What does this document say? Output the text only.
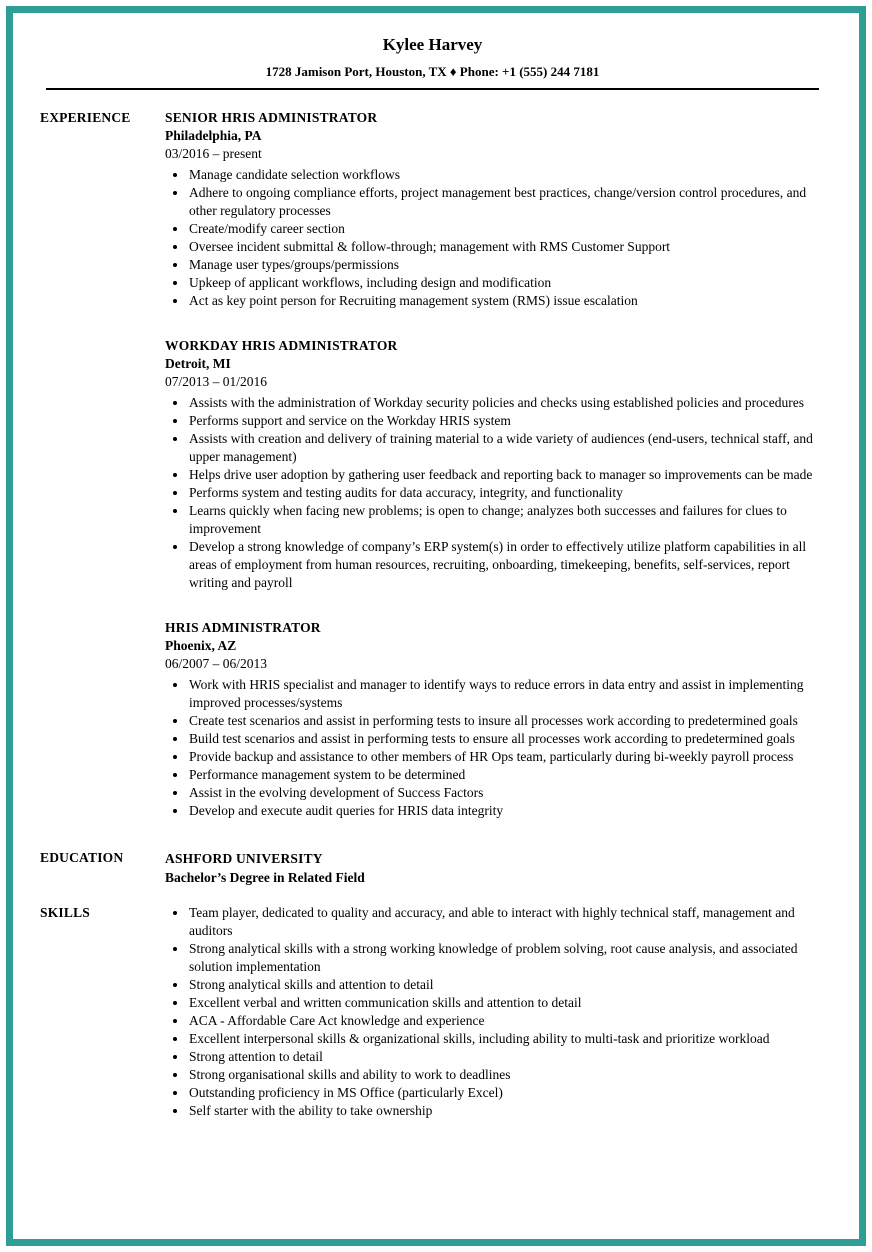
Kylee Harvey
1728 Jamison Port, Houston, TX ♦ Phone: +1 (555) 244 7181
EXPERIENCE	SENIOR HRIS ADMINISTRATOR
Philadelphia, PA
03/2016 – present
• Manage candidate selection workflows
• Adhere to ongoing compliance efforts, project management best practices, change/version control procedures, and other regulatory processes
• Create/modify career section
• Oversee incident submittal & follow-through; management with RMS Customer Support
• Manage user types/groups/permissions
• Upkeep of applicant workflows, including design and modification
• Act as key point person for Recruiting management system (RMS) issue escalation
WORKDAY HRIS ADMINISTRATOR
Detroit, MI
07/2013 – 01/2016
• Assists with the administration of Workday security policies and checks using established policies and procedures
• Performs support and service on the Workday HRIS system
• Assists with creation and delivery of training material to a wide variety of audiences (end-users, technical staff, and upper management)
• Helps drive user adoption by gathering user feedback and reporting back to manager so improvements can be made
• Performs system and testing audits for data accuracy, integrity, and functionality
• Learns quickly when facing new problems; is open to change; analyzes both successes and failures for clues to improvement
• Develop a strong knowledge of company’s ERP system(s) in order to effectively utilize platform capabilities in all areas of employment from human resources, recruiting, onboarding, timekeeping, benefits, self-services, report writing and payroll
HRIS ADMINISTRATOR
Phoenix, AZ
06/2007 – 06/2013
• Work with HRIS specialist and manager to identify ways to reduce errors in data entry and assist in implementing improved processes/systems
• Create test scenarios and assist in performing tests to insure all processes work according to predetermined goals
• Build test scenarios and assist in performing tests to ensure all processes work according to predetermined goals
• Provide backup and assistance to other members of HR Ops team, particularly during bi-weekly payroll process
• Performance management system to be determined
• Assist in the evolving development of Success Factors
• Develop and execute audit queries for HRIS data integrity
EDUCATION	ASHFORD UNIVERSITY
Bachelor’s Degree in Related Field
SKILLS	• Team player, dedicated to quality and accuracy, and able to interact with highly technical staff, management and auditors
• Strong analytical skills with a strong working knowledge of problem solving, root cause analysis, and associated solution implementation
• Strong analytical skills and attention to detail
• Excellent verbal and written communication skills and attention to detail
• ACA - Affordable Care Act knowledge and experience
• Excellent interpersonal skills & organizational skills, including ability to multi-task and prioritize workload
• Strong attention to detail
• Strong organisational skills and ability to work to deadlines
• Outstanding proficiency in MS Office (particularly Excel)
• Self starter with the ability to take ownership
